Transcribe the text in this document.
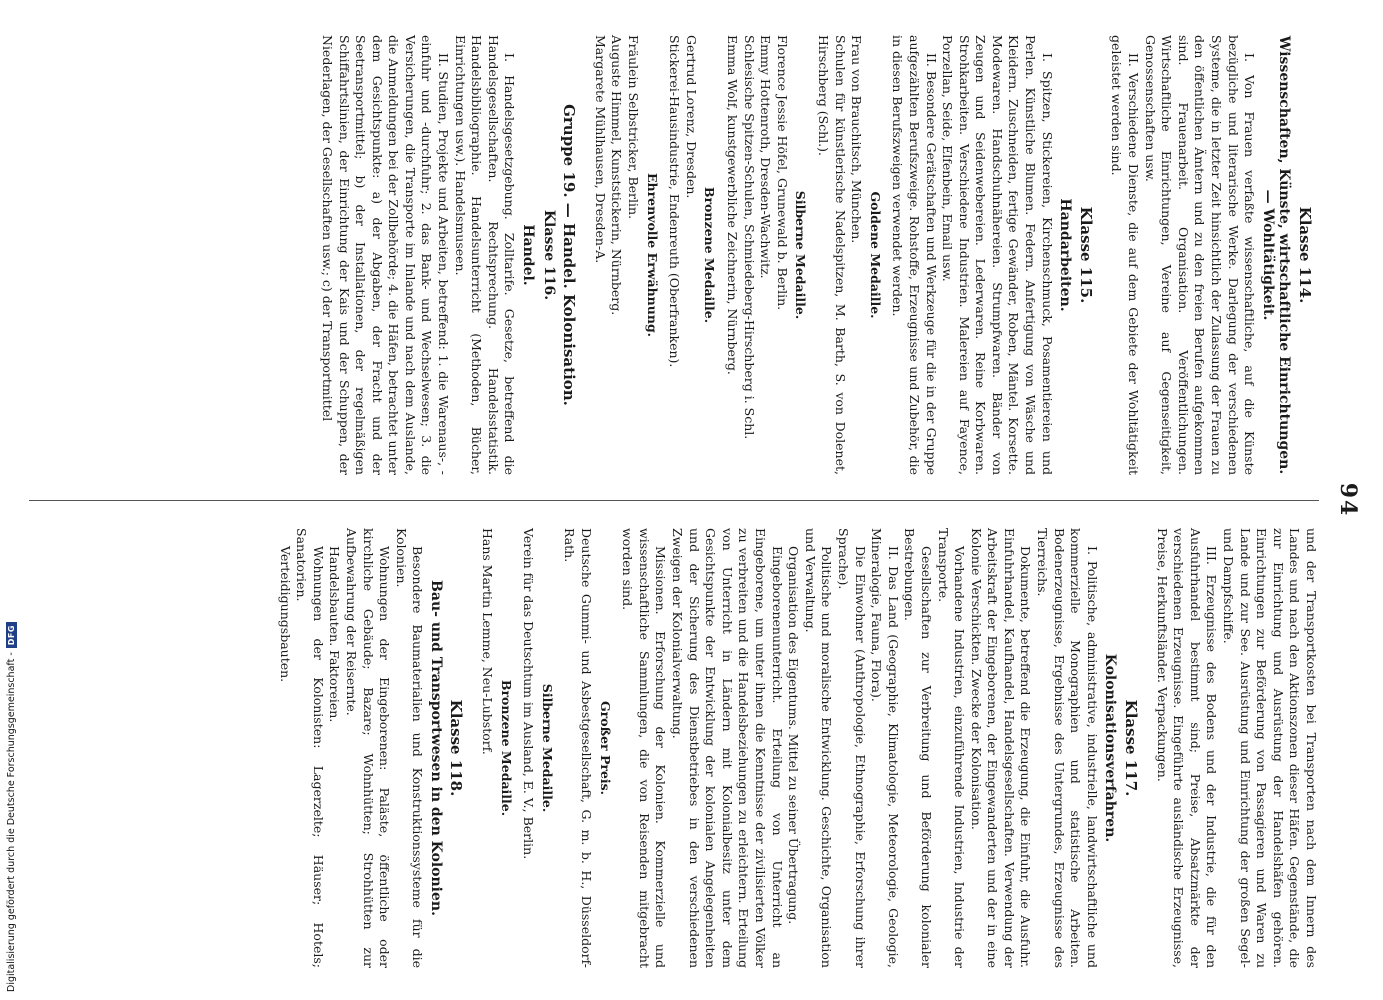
94
Klasse 114.
Wissenschaften, Künste, wirtschaftliche Einrichtungen. — Wohltätigkeit.

I. Von Frauen verfaßte wissenschaftliche, auf die Künste bezügliche und literarische Werke. Darlegung der verschiedenen Systeme, die in letzter Zeit hinsichtlich der Zulassung der Frauen zu den öffentlichen Ämtern und zu den freien Berufen aufgekommen sind. Frauenarbeit. Organisation. Veröffentlichungen. Wirtschaftliche Einrichtungen, Vereine auf Gegenseitigkeit, Genossenschaften usw.

II. Verschiedene Dienste, die auf dem Gebiete der Wohltätigkeit geleistet werden sind.

Klasse 115.
Handarbeiten.

I. Spitzen, Stickereien, Kirchenschmuck, Posamentiereien und Perlen. Künstliche Blumen. Federn. Anfertigung von Wäsche und Kleidern. Zuschneiden, fertige Gewänder, Roben, Mäntel. Korsette. Modewaren. Handschuhnähereien. Strumpfwaren. Bänder von Zeugen und Seidenwebereien. Lederwaren. Reine Korbwaren. Strohkarbeiten. Verschiedene Industrien. Malereien auf Fayence, Porzellan, Seide, Elfenbein, Email usw.

II. Besondere Gerätschaften und Werkzeuge für die in der Gruppe aufgezählten Berufszweige. Rohstoffe, Erzeugnisse und Zubehör, die in diesen Berufszweigen verwendet werden.

Goldene Medaille.

Frau von Brauchitsch, München.

Schulen für künstlerische Nadelspitzen, M. Barth, S. von Dolenet, Hirschberg (Schl.).

Silberne Medaille.

Florence Jessie Höfel, Grunewald b. Berlin.

Emmy Hottenroth, Dresden-Wachwitz.

Schlesische Spitzen-Schulen, Schmiedeberg-Hirschberg i. Schl.

Emma Wolf, kunstgewerbliche Zeichnerin, Nürnberg.

Bronzene Medaille.

Gertrud Lorenz, Dresden.

Stickerei-Hausindustrie, Endenreuth (Oberfranken).

Ehrenvolle Erwähnung.

Fräulein Selbstricker, Berlin.

Auguste Himmel, Kunststickerin, Nürnberg.

Margarete Mühlhausen, Dresden-A.

Gruppe 19. — Handel. Kolonisation.
Klasse 116.
Handel.

I. Handelsgesetzgebung. Zolltarife. Gesetze, betreffend die Handelsgesellschaften. Rechtsprechung. Handelsstatistik. Handelsbibliographie. Handelsunterricht (Methoden, Bücher, Einrichtungen usw.). Handelsmuseen.

II. Studien, Projekte und Arbeiten, betreffend: 1. die Warenaus-, -einfuhr und -durchfuhr; 2. das Bank- und Wechselwesen; 3. die Versicherungen, die Transporte im Inlande und nach dem Auslande, die Anmeldungen bei der Zollbehörde; 4. die Häfen, betrachtet unter dem Gesichtspunkte: a) der Abgaben, der Fracht und der Seetransportmittel; b) der Installationen, der regelmäßigen Schiffahrtslinien, der Einrichtung der Kais und der Schuppen, der Niederlagen, der Gesellschaften usw.; c) der Transportmittel

und der Transportkosten bei Transporten nach dem Innern des Landes und nach den Aktionszonen dieser Häfen. Gegenstände, die zur Einrichtung und Ausrüstung der Handelshäfen gehören. Einrichtungen zur Beförderung von Passagieren und Waren zu Lande und zur See. Ausrüstung und Einrichtung der großen Segel- und Dampfschiffe.

III. Erzeugnisse des Bodens und der Industrie, die für den Ausfuhrhandel bestimmt sind; Preise, Absatzmärkte der verschiedenen Erzeugnisse. Eingeführte ausländische Erzeugnisse, Preise, Herkunftsländer. Verpackungen.

Klasse 117.
Kolonisationsverfahren.

I. Politische, administrative, industrielle, landwirtschaftliche und kommerzielle Monographien und statistische Arbeiten. Bodenerzeugnisse, Ergebnisse des Untergrundes, Erzeugnisse des Tierreichs.

Dokumente, betreffend die Erzeugung, die Einfuhr, die Ausfuhr. Einfuhrhandel, Kaufhandel, Handelsgesellschaften. Verwendung der Arbeitskraft der Eingeborenen, der Eingewanderten und der in eine Kolonie Verschickten. Zwecke der Kolonisation.

Vorhandene Industrien, einzuführende Industrien, Industrie der Transporte.

Gesellschaften zur Verbreitung und Beförderung kolonialer Bestrebungen.

II. Das Land (Geographie, Klimatologie, Meteorologie, Geologie, Mineralogie, Fauna, Flora).

Die Einwohner (Anthropologie, Ethnographie, Erforschung ihrer Sprache).

Politische und moralische Entwicklung. Geschichte, Organisation und Verwaltung.

Organisation des Eigentums. Mittel zu seiner Übertragung.

Eingeborenenunterricht. Erteilung von Unterricht an Eingeborene, um unter ihnen die Kenntnisse der zivilisierten Völker zu verbreiten und die Handelsbeziehungen zu erleichtern. Erteilung von Unterricht in Ländern mit Kolonialbesitz unter dem Gesichtspunkte der Entwicklung der kolonialen Angelegenheiten und der Sicherung des Dienstbetriebes in den verschiedenen Zweigen der Kolonialverwaltung.

Missionen. Erforschung der Kolonien. Kommerzielle und wissenschaftliche Sammlungen, die von Reisenden mitgebracht worden sind.

Großer Preis.

Deutsche Gummi- und Asbestgesellschaft, G. m. b. H., Düsseldorf-Rath.

Silberne Medaille.

Verein für das Deutschtum im Ausland, E. V., Berlin.

Bronzene Medaille.

Hans Martin Lemme, Neu-Lubstorf.

Klasse 118.
Bau- und Transportwesen in den Kolonien.

Besondere Baumaterialien und Konstruktionssysteme für die Kolonien.

Wohnungen der Eingeborenen: Paläste, öffentliche oder kirchliche Gebäude; Bazare; Wohnhütten; Strohhütten zur Aufbewahrung der Reisernte.

Handelsbauten. Faktoreien.

Wohnungen der Kolonisten: Lagerzelte; Häuser; Hotels; Sanatorien.

Verteidigungsbauten.

Digitalisierung gefördert durch die Deutsche Forschungsgemeinschaft -
DFG
